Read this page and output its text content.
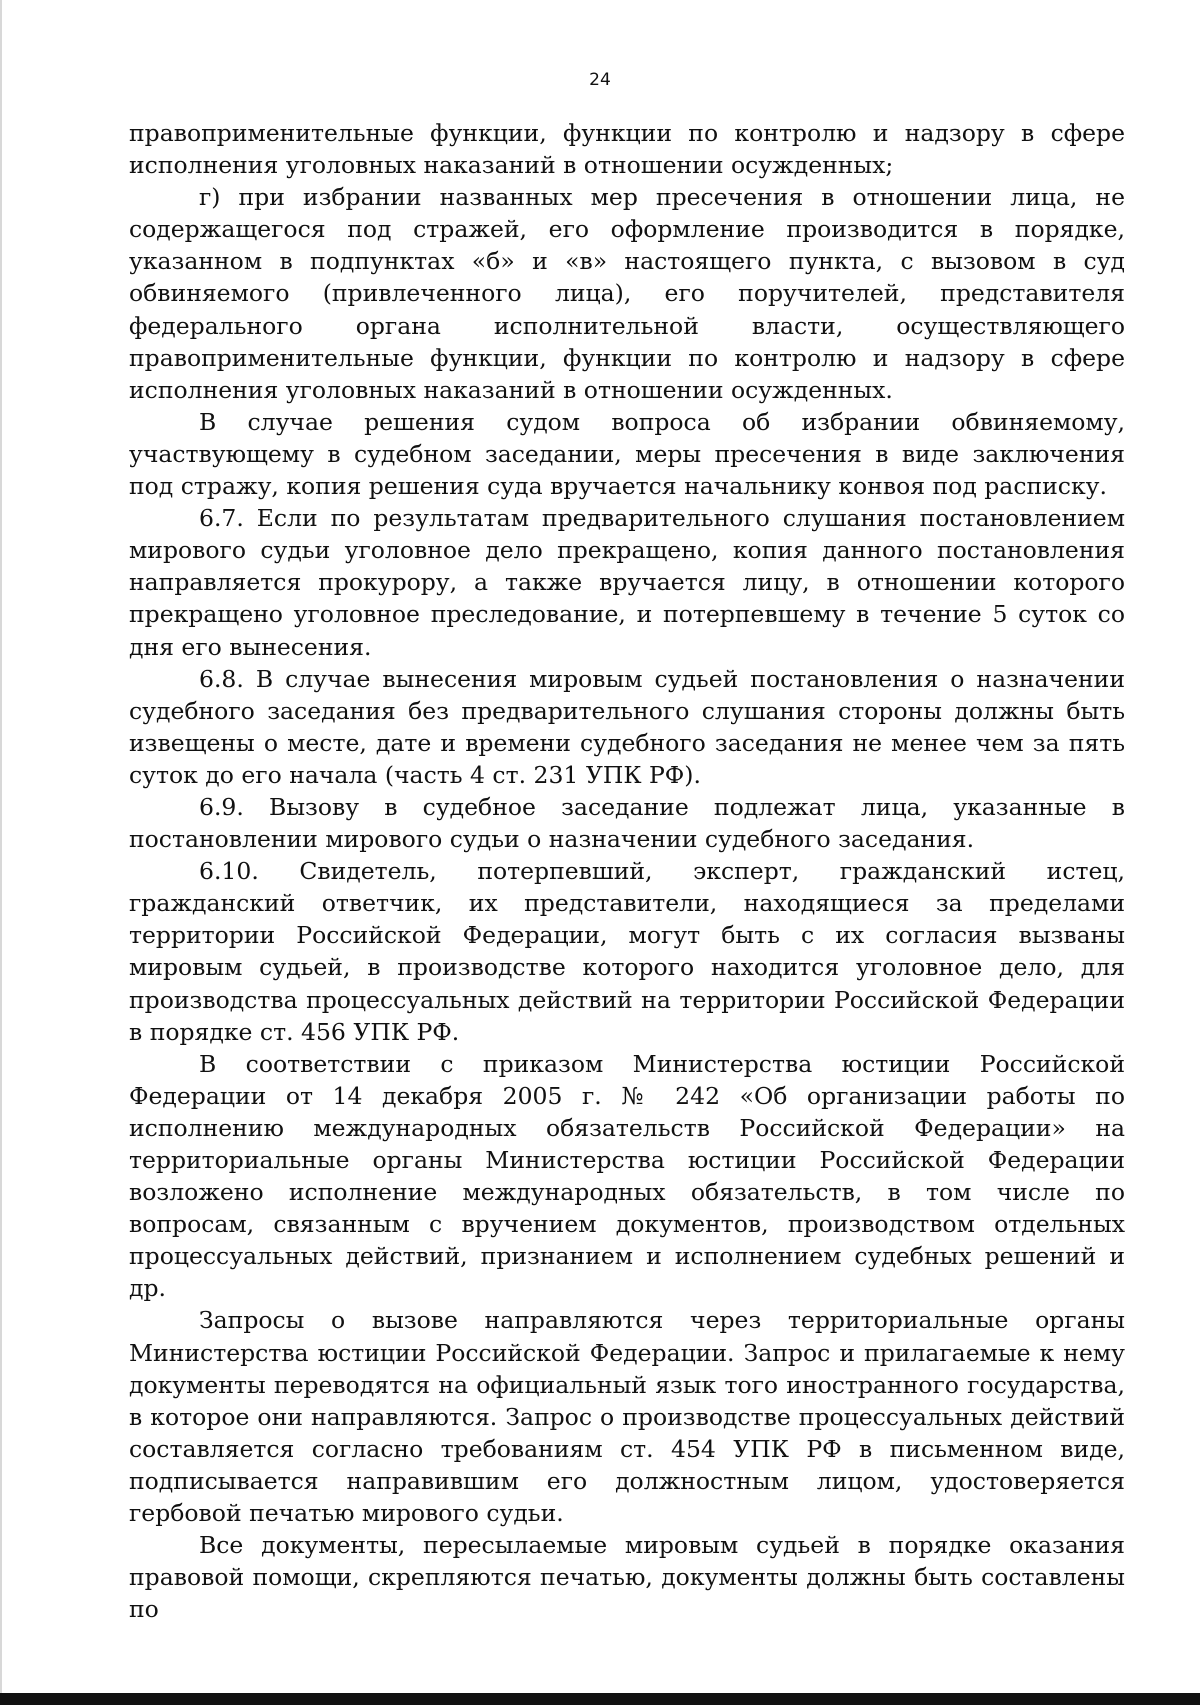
24

правоприменительные функции, функции по контролю и надзору в сфере исполнения уголовных наказаний в отношении осужденных;

г) при избрании названных мер пресечения в отношении лица, не содержащегося под стражей, его оформление производится в порядке, указанном в подпунктах «б» и «в» настоящего пункта, с вызовом в суд обвиняемого (привлеченного лица), его поручителей, представителя федерального органа исполнительной власти, осуществляющего правоприменительные функции, функции по контролю и надзору в сфере исполнения уголовных наказаний в отношении осужденных.

В случае решения судом вопроса об избрании обвиняемому, участвующему в судебном заседании, меры пресечения в виде заключения под стражу, копия решения суда вручается начальнику конвоя под расписку.

6.7. Если по результатам предварительного слушания постановлением мирового судьи уголовное дело прекращено, копия данного постановления направляется прокурору, а также вручается лицу, в отношении которого прекращено уголовное преследование, и потерпевшему в течение 5 суток со дня его вынесения.

6.8. В случае вынесения мировым судьей постановления о назначении судебного заседания без предварительного слушания стороны должны быть извещены о месте, дате и времени судебного заседания не менее чем за пять суток до его начала (часть 4 ст. 231 УПК РФ).

6.9. Вызову в судебное заседание подлежат лица, указанные в постановлении мирового судьи о назначении судебного заседания.

6.10. Свидетель, потерпевший, эксперт, гражданский истец, гражданский ответчик, их представители, находящиеся за пределами территории Российской Федерации, могут быть с их согласия вызваны мировым судьей, в производстве которого находится уголовное дело, для производства процессуальных действий на территории Российской Федерации в порядке ст. 456 УПК РФ.

В соответствии с приказом Министерства юстиции Российской Федерации от 14 декабря 2005 г. № 242 «Об организации работы по исполнению международных обязательств Российской Федерации» на территориальные органы Министерства юстиции Российской Федерации возложено исполнение международных обязательств, в том числе по вопросам, связанным с вручением документов, производством отдельных процессуальных действий, признанием и исполнением судебных решений и др.

Запросы о вызове направляются через территориальные органы Министерства юстиции Российской Федерации. Запрос и прилагаемые к нему документы переводятся на официальный язык того иностранного государства, в которое они направляются. Запрос о производстве процессуальных действий составляется согласно требованиям ст. 454 УПК РФ в письменном виде, подписывается направившим его должностным лицом, удостоверяется гербовой печатью мирового судьи.

Все документы, пересылаемые мировым судьей в порядке оказания правовой помощи, скрепляются печатью, документы должны быть составлены по
